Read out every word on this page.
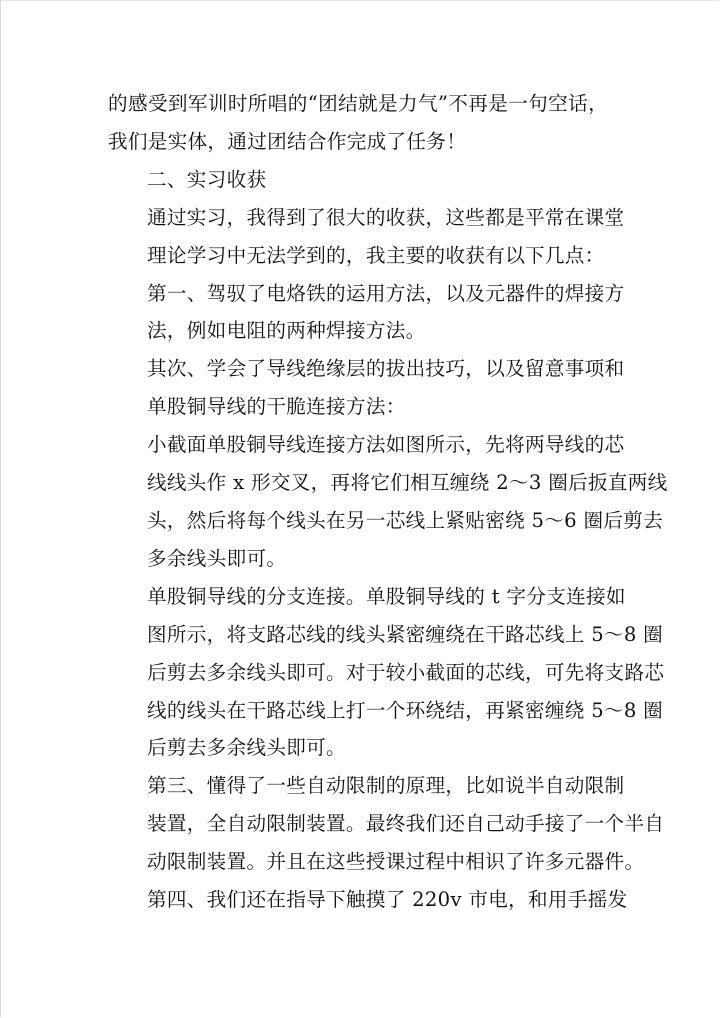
的感受到军训时所唱的“团结就是力气”不再是一句空话，
我们是实体，通过团结合作完成了任务！

二、实习收获

通过实习，我得到了很大的收获，这些都是平常在课堂
理论学习中无法学到的，我主要的收获有以下几点：

第一、驾驭了电烙铁的运用方法，以及元器件的焊接方
法，例如电阻的两种焊接方法。

其次、学会了导线绝缘层的拔出技巧，以及留意事项和
单股铜导线的干脆连接方法：

小截面单股铜导线连接方法如图所示，先将两导线的芯
线线头作 x 形交叉，再将它们相互缠绕 2～3 圈后扳直两线
头，然后将每个线头在另一芯线上紧贴密绕 5～6 圈后剪去
多余线头即可。

单股铜导线的分支连接。单股铜导线的 t 字分支连接如
图所示，将支路芯线的线头紧密缠绕在干路芯线上 5～8 圈
后剪去多余线头即可。对于较小截面的芯线，可先将支路芯
线的线头在干路芯线上打一个环绕结，再紧密缠绕 5～8 圈
后剪去多余线头即可。

第三、懂得了一些自动限制的原理，比如说半自动限制
装置，全自动限制装置。最终我们还自己动手接了一个半自
动限制装置。并且在这些授课过程中相识了许多元器件。

第四、我们还在指导下触摸了 220v 市电，和用手摇发
